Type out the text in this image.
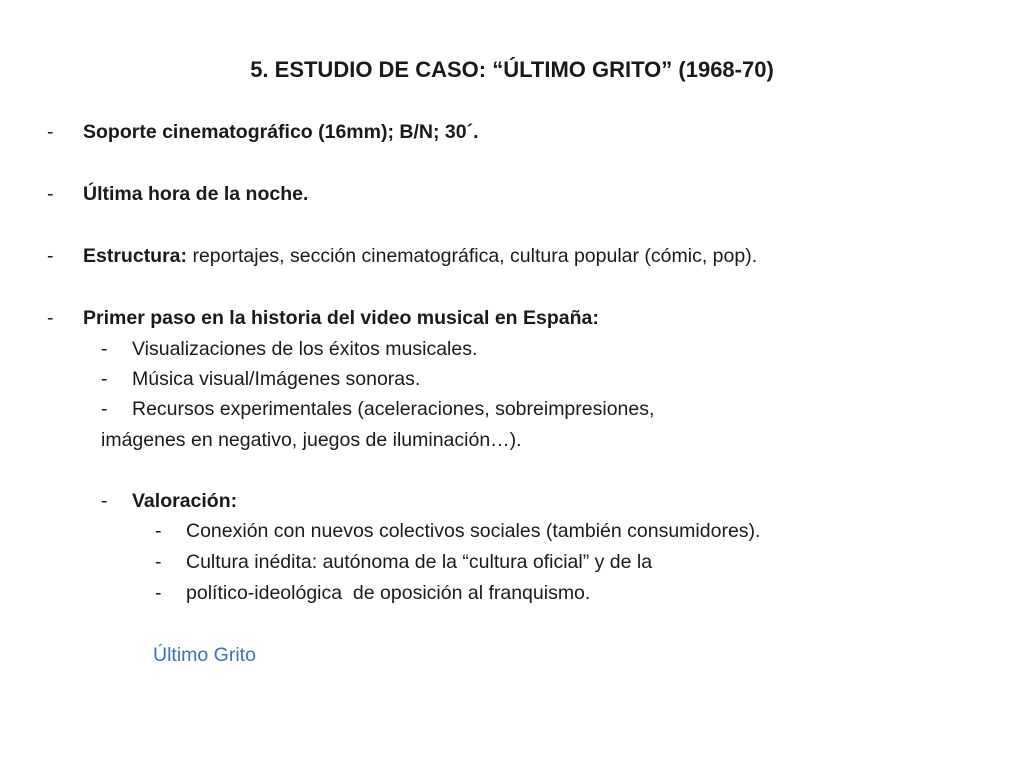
5. ESTUDIO DE CASO: “ÚLTIMO GRITO” (1968-70)
- Soporte cinematográfico (16mm); B/N; 30´.
- Última hora de la noche.
- Estructura: reportajes, sección cinematográfica, cultura popular (cómic, pop).
- Primer paso en la historia del video musical en España:
- Visualizaciones de los éxitos musicales.
- Música visual/Imágenes sonoras.
- Recursos experimentales (aceleraciones, sobreimpresiones,
imágenes en negativo, juegos de iluminación…).
- Valoración:
- Conexión con nuevos colectivos sociales (también consumidores).
- Cultura inédita: autónoma de la “cultura oficial” y de la
- político-ideológica  de oposición al franquismo.
Último Grito
